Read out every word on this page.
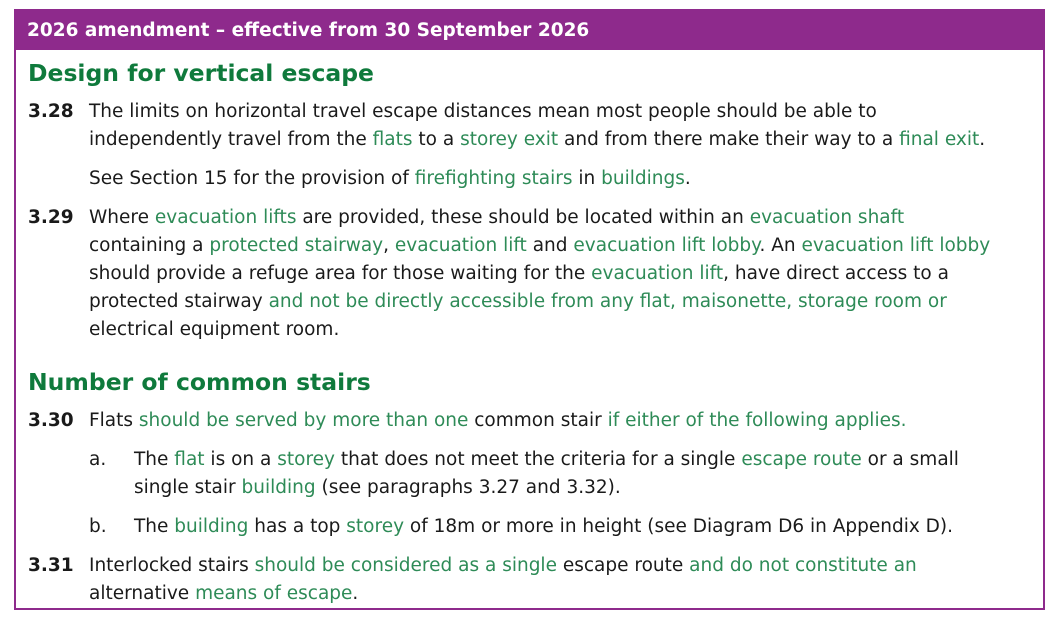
2026 amendment – effective from 30 September 2026
Design for vertical escape
3.28 The limits on horizontal travel escape distances mean most people should be able to
independently travel from the flats to a storey exit and from there make their way to a final exit.
See Section 15 for the provision of firefighting stairs in buildings.
3.29 Where evacuation lifts are provided, these should be located within an evacuation shaft
containing a protected stairway, evacuation lift and evacuation lift lobby. An evacuation lift lobby
should provide a refuge area for those waiting for the evacuation lift, have direct access to a
protected stairway and not be directly accessible from any flat, maisonette, storage room or
electrical equipment room.
Number of common stairs
3.30 Flats should be served by more than one common stair if either of the following applies.
a. The flat is on a storey that does not meet the criteria for a single escape route or a small
single stair building (see paragraphs 3.27 and 3.32).
b. The building has a top storey of 18m or more in height (see Diagram D6 in Appendix D).
3.31 Interlocked stairs should be considered as a single escape route and do not constitute an
alternative means of escape.
